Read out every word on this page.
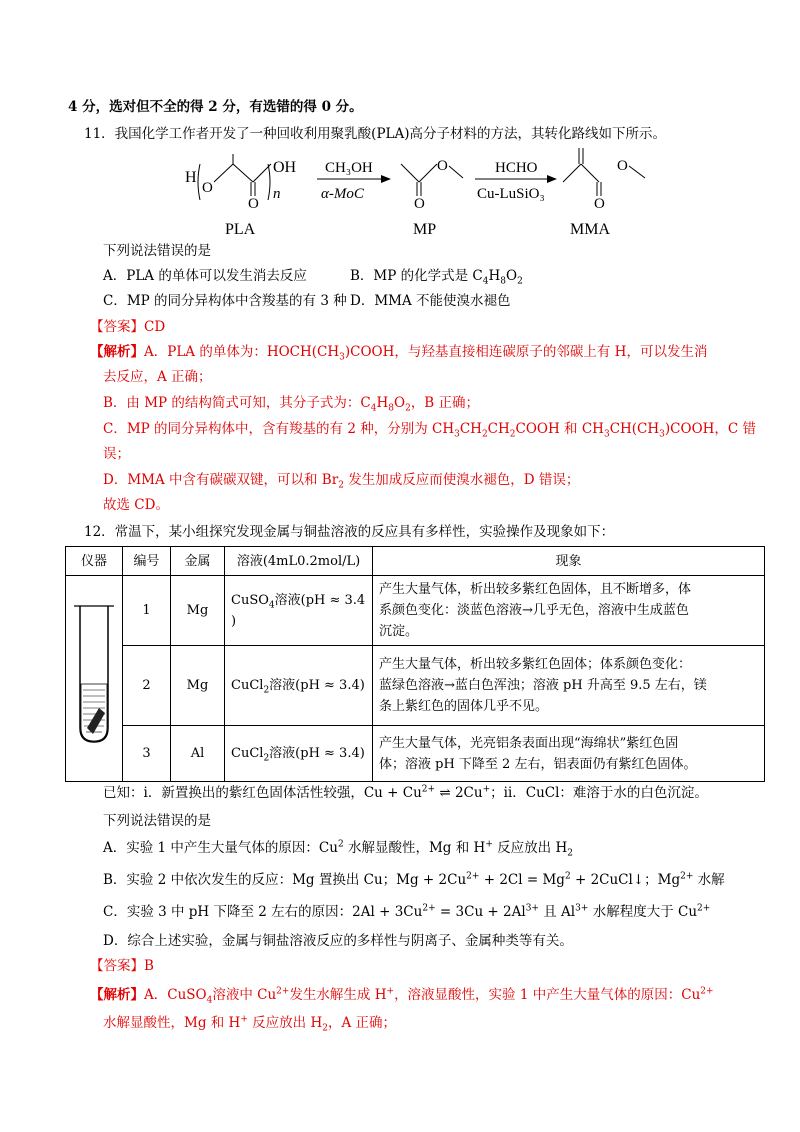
4 分，选对但不全的得 2 分，有选错的得 0 分。
11．我国化学工作者开发了一种回收利用聚乳酸(PLA)高分子材料的方法，其转化路线如下所示。
H
O
O
n
OH
PLA
CH₃OH
α-MoC
O
O
MP
HCHO
Cu-LuSiO₃
O
O
MMA
下列说法错误的是
A．PLA 的单体可以发生消去反应	B．MP 的化学式是 $C_4H_8O_2$
C．MP 的同分异构体中含羧基的有 3 种 D．MMA 不能使溴水褪色
【答案】CD
【解析】A．PLA 的单体为：$HOCH(CH_3)COOH$，与羟基直接相连碳原子的邻碳上有 H，可以发生消
去反应，A 正确；
B．由 MP 的结构简式可知，其分子式为：$C_4H_8O_2$，B 正确；
C．MP 的同分异构体中，含有羧基的有 2 种，分别为 $CH_3CH_2CH_2COOH$ 和 $CH_3CH(CH_3)COOH$，C 错
误；
D．MMA 中含有碳碳双键，可以和 $Br_2$ 发生加成反应而使溴水褪色，D 错误；
故选 CD。
12．常温下，某小组探究发现金属与铜盐溶液的反应具有多样性，实验操作及现象如下：
仪器	编号	金属	溶液(4mL0.2mol/L)	现象
	1	Mg	CuSO$_4$溶液(pH ≈ 3.4
)	产生大量气体，析出较多紫红色固体，且不断增多，体
系颜色变化：淡蓝色溶液→几乎无色，溶液中生成蓝色
沉淀。
	2	Mg	CuCl$_2$溶液(pH ≈ 3.4)	产生大量气体，析出较多紫红色固体；体系颜色变化：
蓝绿色溶液→蓝白色浑浊；溶液 pH 升高至 9.5 左右，镁
条上紫红色的固体几乎不见。
	3	Al	CuCl$_2$溶液(pH ≈ 3.4)	产生大量气体，光亮铝条表面出现“海绵状”紫红色固
体；溶液 pH 下降至 2 左右，铝表面仍有紫红色固体。
已知：ⅰ．新置换出的紫红色固体活性较强，$Cu + Cu^{2+}$ ⇌ 2Cu+；ⅱ．CuCl：难溶于水的白色沉淀。
下列说法错误的是
A．实验 1 中产生大量气体的原因：Cu$^2$ 水解显酸性，Mg 和 H+ 反应放出 $H_2$
B．实验 2 中依次发生的反应：Mg 置换出 Cu；$Mg + 2Cu^{2+} + 2Cl = Mg^2$ + 2CuCl↓；$Mg^{2+}$ 水解
C．实验 3 中 pH 下降至 2 左右的原因：$2Al + 3Cu^{2+} = 3Cu + 2Al^{3+}$ 且 $Al^{3+}$ 水解程度大于 $Cu^{2+}$
D．综合上述实验，金属与铜盐溶液反应的多样性与阴离子、金属种类等有关。
【答案】B
【解析】A．CuSO$_4$溶液中 $Cu^{2+}$发生水解生成 H+，溶液显酸性，实验 1 中产生大量气体的原因：$Cu^{2+}$
水解显酸性，Mg 和 H+ 反应放出 $H_2$，A 正确；
